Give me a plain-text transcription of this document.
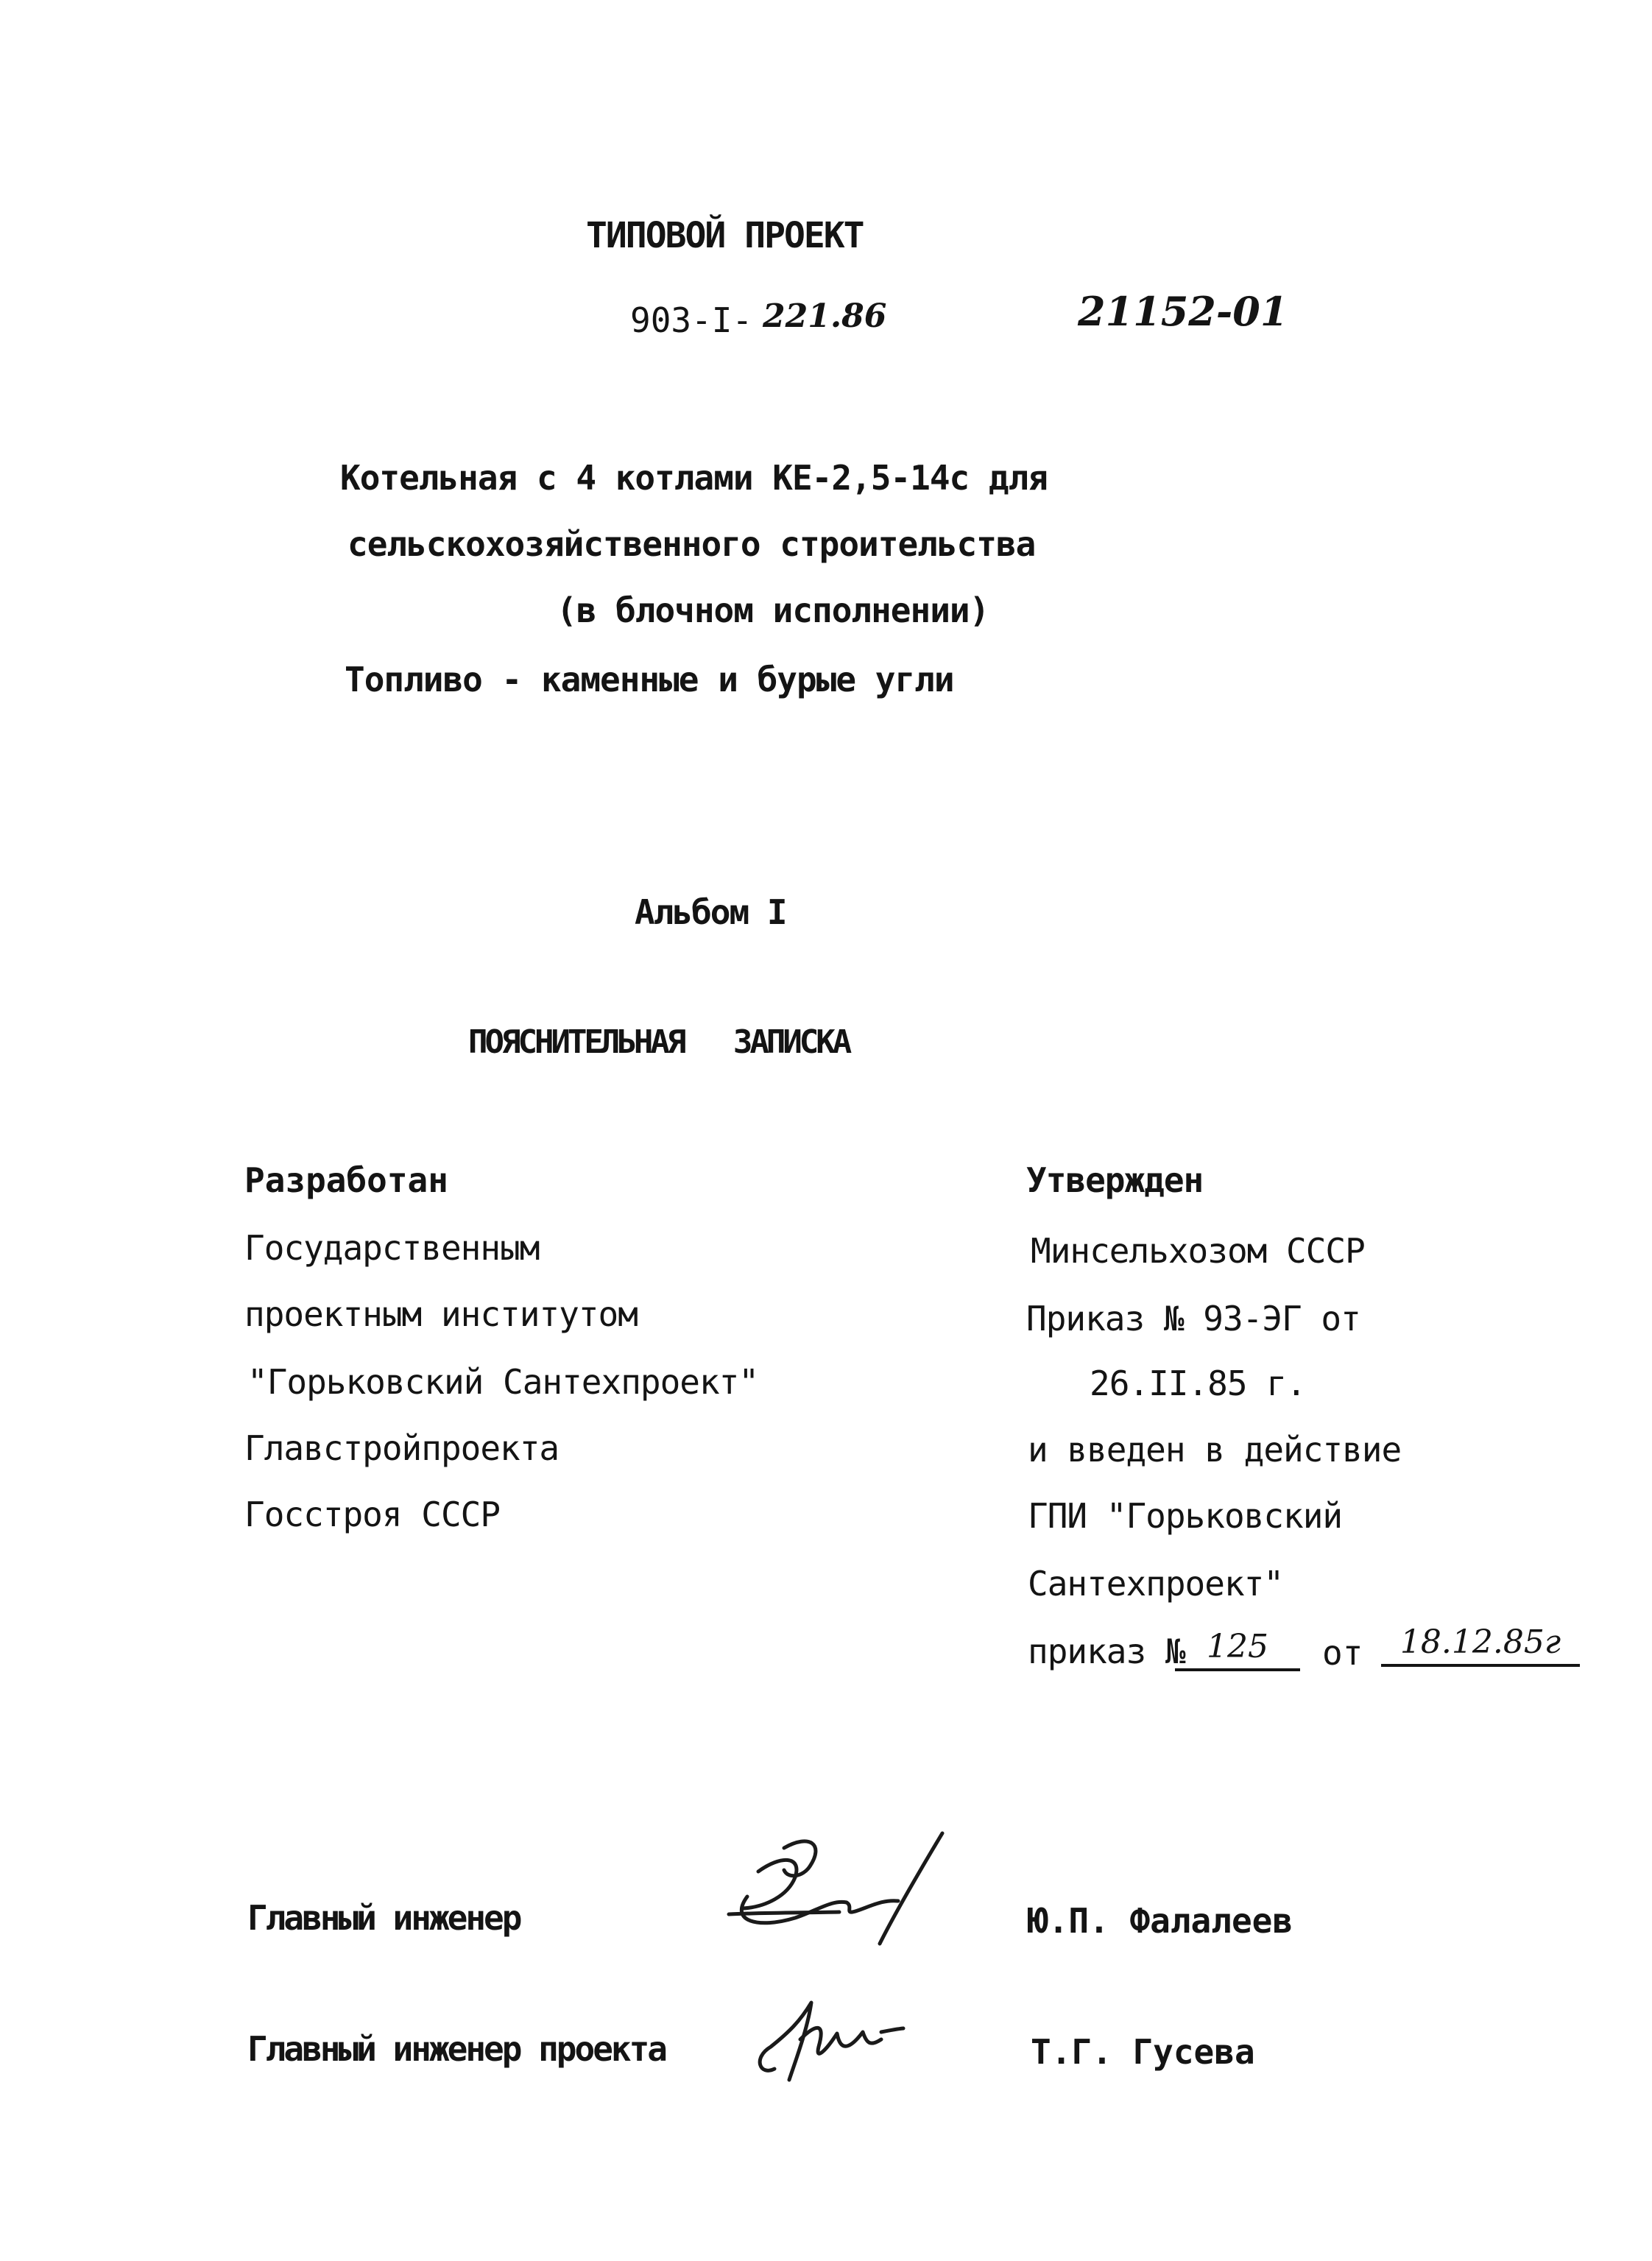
ТИПОВОЙ ПРОЕКТ
903-I- 221.86	21152-01
Котельная с 4 котлами КЕ-2,5-14с для
сельскохозяйственного строительства
(в блочном исполнении)
Топливо - каменные и бурые угли
Альбом I
ПОЯСНИТЕЛЬНАЯ   ЗАПИСКА
Разработан
Государственным
проектным институтом
"Горьковский Сантехпроект"
Главстройпроекта
Госстроя СССР
Утвержден
Минсельхозом СССР
Приказ № 93-ЭГ от
26.II.85 г.
и введен в действие
ГПИ "Горьковский
Сантехпроект"
приказ № 125	от	18.12.85г
Главный инженер	Ю.П. Фалалеев
Главный инженер проекта	Т.Г. Гусева
